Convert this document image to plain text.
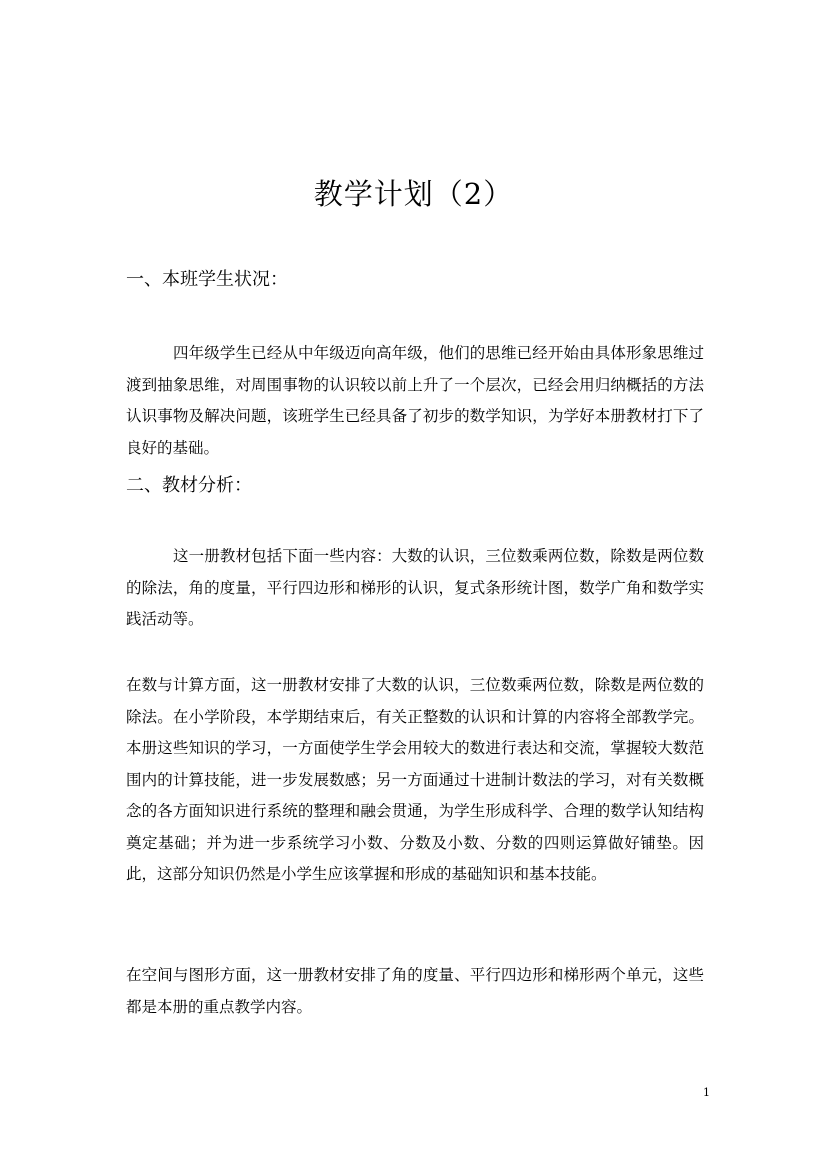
教学计划（2）
一、本班学生状况：

四年级学生已经从中年级迈向高年级，他们的思维已经开始由具体形象思维过渡到抽象思维，对周围事物的认识较以前上升了一个层次，已经会用归纳概括的方法认识事物及解决问题，该班学生已经具备了初步的数学知识，为学好本册教材打下了良好的基础。

二、教材分析：

这一册教材包括下面一些内容：大数的认识，三位数乘两位数，除数是两位数的除法，角的度量，平行四边形和梯形的认识，复式条形统计图，数学广角和数学实践活动等。

在数与计算方面，这一册教材安排了大数的认识，三位数乘两位数，除数是两位数的除法。在小学阶段，本学期结束后，有关正整数的认识和计算的内容将全部教学完。本册这些知识的学习，一方面使学生学会用较大的数进行表达和交流，掌握较大数范围内的计算技能，进一步发展数感；另一方面通过十进制计数法的学习，对有关数概念的各方面知识进行系统的整理和融会贯通，为学生形成科学、合理的数学认知结构奠定基础；并为进一步系统学习小数、分数及小数、分数的四则运算做好铺垫。因此，这部分知识仍然是小学生应该掌握和形成的基础知识和基本技能。

在空间与图形方面，这一册教材安排了角的度量、平行四边形和梯形两个单元，这些都是本册的重点教学内容。

1
